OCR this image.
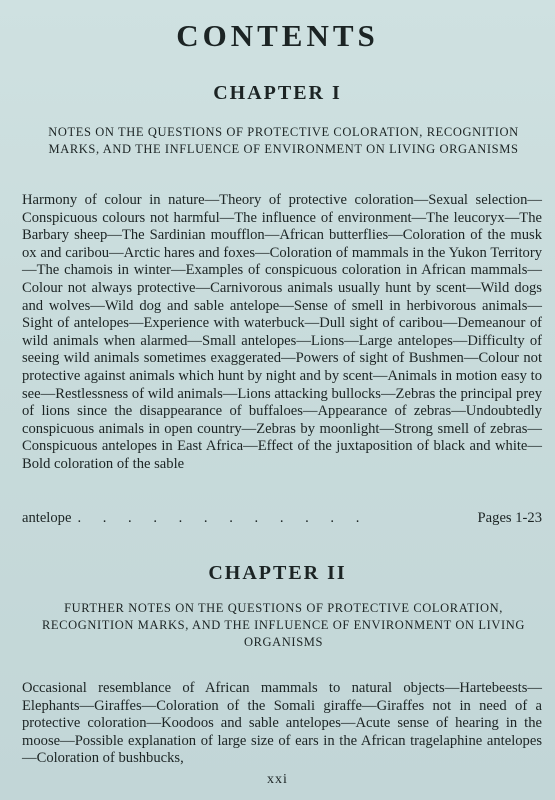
CONTENTS
CHAPTER I

NOTES ON THE QUESTIONS OF PROTECTIVE COLORATION, RECOGNITION MARKS, AND THE INFLUENCE OF ENVIRONMENT ON LIVING ORGANISMS

Harmony of colour in nature—Theory of protective coloration—Sexual selection—Conspicuous colours not harmful—The influence of environment—The leucoryx—The Barbary sheep—The Sardinian moufflon—African butterflies—Coloration of the musk ox and caribou—Arctic hares and foxes—Coloration of mammals in the Yukon Territory—The chamois in winter—Examples of conspicuous coloration in African mammals—Colour not always protective—Carnivorous animals usually hunt by scent—Wild dogs and wolves—Wild dog and sable antelope—Sense of smell in herbivorous animals—Sight of antelopes—Experience with waterbuck—Dull sight of caribou—Demeanour of wild animals when alarmed—Small antelopes—Lions—Large antelopes—Difficulty of seeing wild animals sometimes exaggerated—Powers of sight of Bushmen—Colour not protective against animals which hunt by night and by scent—Animals in motion easy to see—Restlessness of wild animals—Lions attacking bullocks—Zebras the principal prey of lions since the disappearance of buffaloes—Appearance of zebras—Undoubtedly conspicuous animals in open country—Zebras by moonlight—Strong smell of zebras—Conspicuous antelopes in East Africa—Effect of the juxtaposition of black and white—Bold coloration of the sable

antelope . . . . . . . . . . . .	Pages 1-23
CHAPTER II

FURTHER NOTES ON THE QUESTIONS OF PROTECTIVE COLORATION, RECOGNITION MARKS, AND THE INFLUENCE OF ENVIRONMENT ON LIVING ORGANISMS

Occasional resemblance of African mammals to natural objects—Hartebeests—Elephants—Giraffes—Coloration of the Somali giraffe—Giraffes not in need of a protective coloration—Koodoos and sable antelopes—Acute sense of hearing in the moose—Possible explanation of large size of ears in the African tragelaphine antelopes—Coloration of bushbucks,

xxi
